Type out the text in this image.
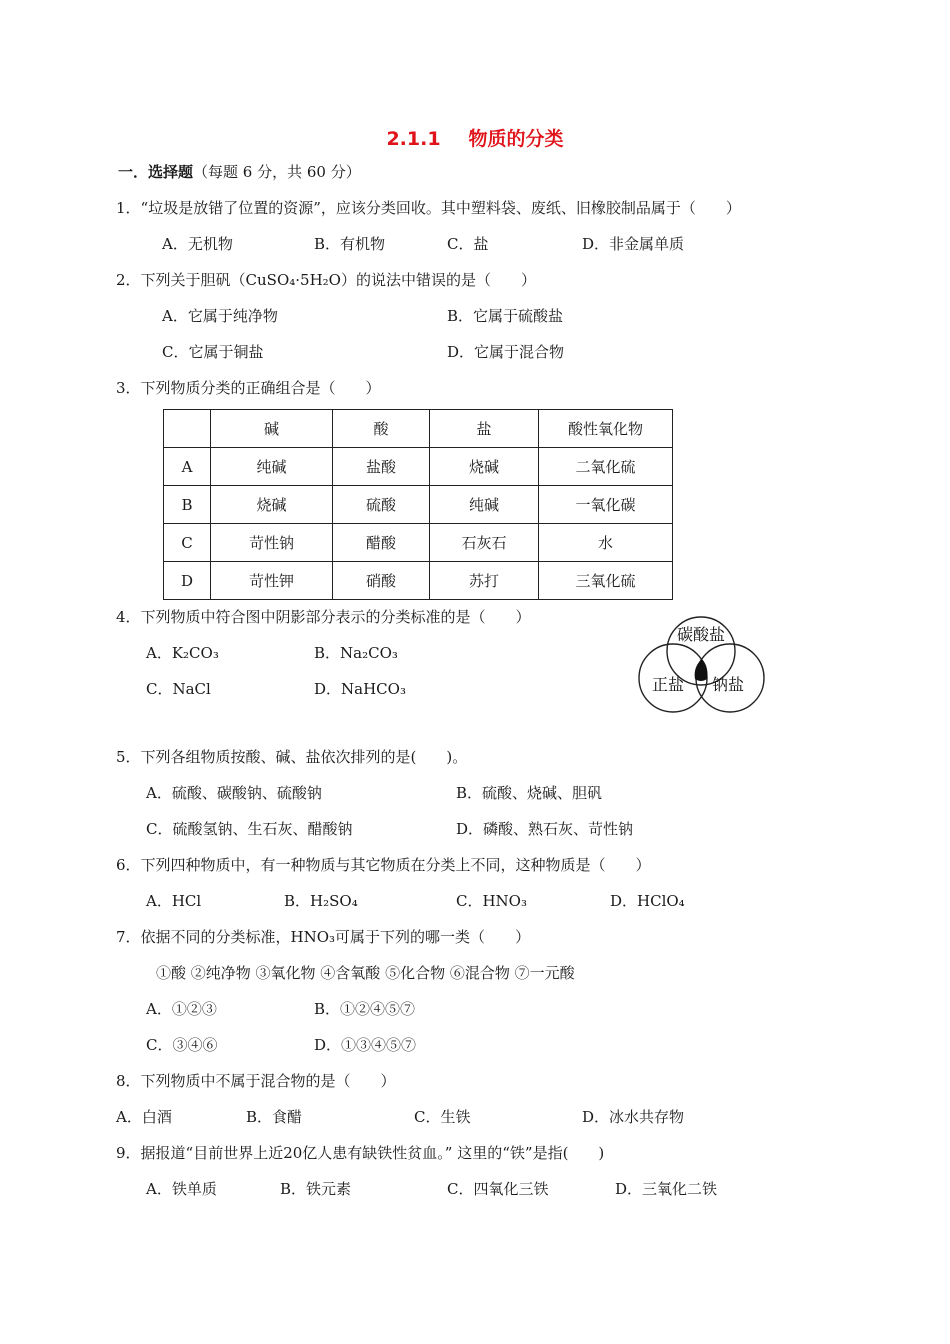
2.1.1 物质的分类
一．选择题（每题 6 分，共 60 分）
1．“垃圾是放错了位置的资源”，应该分类回收。其中塑料袋、废纸、旧橡胶制品属于（　　）
A．无机物	B．有机物	C．盐	D．非金属单质
2．下列关于胆矾（CuSO₄·5H₂O）的说法中错误的是（　　）
A．它属于纯净物	B．它属于硫酸盐
C．它属于铜盐	D．它属于混合物
3．下列物质分类的正确组合是（　　）
	碱	酸	盐	酸性氧化物
A	纯碱	盐酸	烧碱	二氧化硫
B	烧碱	硫酸	纯碱	一氧化碳
C	苛性钠	醋酸	石灰石	水
D	苛性钾	硝酸	苏打	三氧化硫
4．下列物质中符合图中阴影部分表示的分类标准的是（　　）
A．K₂CO₃	B．Na₂CO₃
C．NaCl	D．NaHCO₃
碳酸盐
正盐 钠盐
5．下列各组物质按酸、碱、盐依次排列的是(　　)。
A．硫酸、碳酸钠、硫酸钠	B．硫酸、烧碱、胆矾
C．硫酸氢钠、生石灰、醋酸钠	D．磷酸、熟石灰、苛性钠
6．下列四种物质中，有一种物质与其它物质在分类上不同，这种物质是（　　）
A．HCl	B．H₂SO₄	C．HNO₃	D．HClO₄
7．依据不同的分类标准，HNO₃可属于下列的哪一类（　　）
①酸 ②纯净物 ③氧化物 ④含氧酸 ⑤化合物 ⑥混合物 ⑦一元酸
A．①②③	B．①②④⑤⑦
C．③④⑥	D．①③④⑤⑦
8．下列物质中不属于混合物的是（　　）
A．白酒	B．食醋	C．生铁	D．冰水共存物
9．据报道“目前世界上近20亿人患有缺铁性贫血。” 这里的“铁”是指(　　)
A．铁单质	B．铁元素	C．四氧化三铁	D．三氧化二铁
